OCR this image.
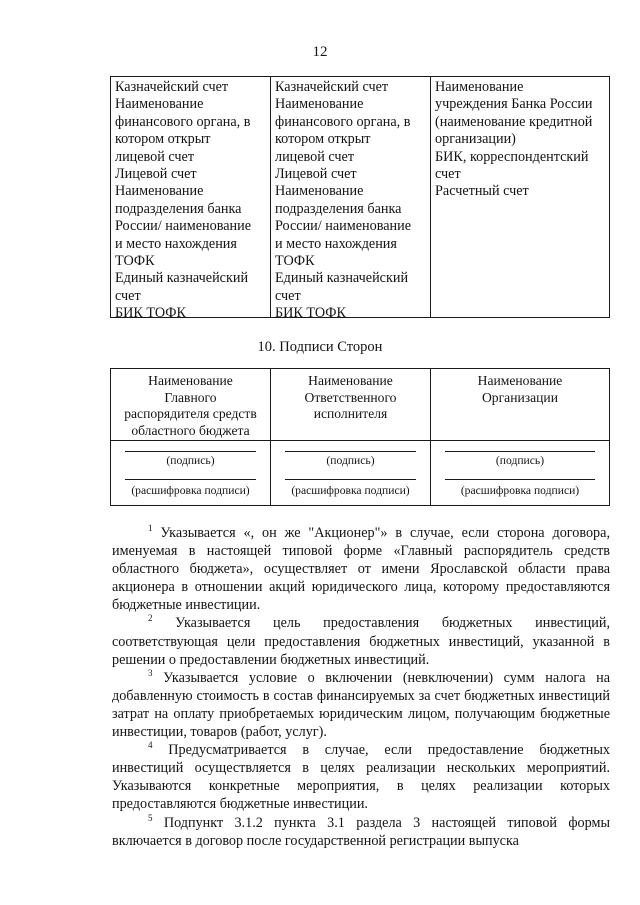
12
Казначейский счет
Наименование
финансового органа, в
котором открыт
лицевой счет
Лицевой счет
Наименование
подразделения банка
России/ наименование
и место нахождения
ТОФК
Единый казначейский
счет
БИК ТОФК
Казначейский счет
Наименование
финансового органа, в
котором открыт
лицевой счет
Лицевой счет
Наименование
подразделения банка
России/ наименование
и место нахождения
ТОФК
Единый казначейский
счет
БИК ТОФК
Наименование
учреждения Банка России
(наименование кредитной
организации)
БИК, корреспондентский
счет
Расчетный счет
10. Подписи Сторон
Наименование
Главного
распорядителя средств
областного бюджета
Наименование
Ответственного
исполнителя
Наименование
Организации
(подпись)
(расшифровка подписи)
(подпись)
(расшифровка подписи)
(подпись)
(расшифровка подписи)

$^1$ Указывается «, он же "Акционер"» в случае, если сторона договора, именуемая в настоящей типовой форме «Главный распорядитель средств областного бюджета», осуществляет от имени Ярославской области права акционера в отношении акций юридического лица, которому предоставляются бюджетные инвестиции.

$^2$ Указывается цель предоставления бюджетных инвестиций, соответствующая цели предоставления бюджетных инвестиций, указанной в решении о предоставлении бюджетных инвестиций.

$^3$ Указывается условие о включении (невключении) сумм налога на добавленную стоимость в состав финансируемых за счет бюджетных инвестиций затрат на оплату приобретаемых юридическим лицом, получающим бюджетные инвестиции, товаров (работ, услуг).

$^4$ Предусматривается в случае, если предоставление бюджетных инвестиций осуществляется в целях реализации нескольких мероприятий. Указываются конкретные мероприятия, в целях реализации которых предоставляются бюджетные инвестиции.

$^5$ Подпункт 3.1.2 пункта 3.1 раздела 3 настоящей типовой формы включается в договор после государственной регистрации выпуска
